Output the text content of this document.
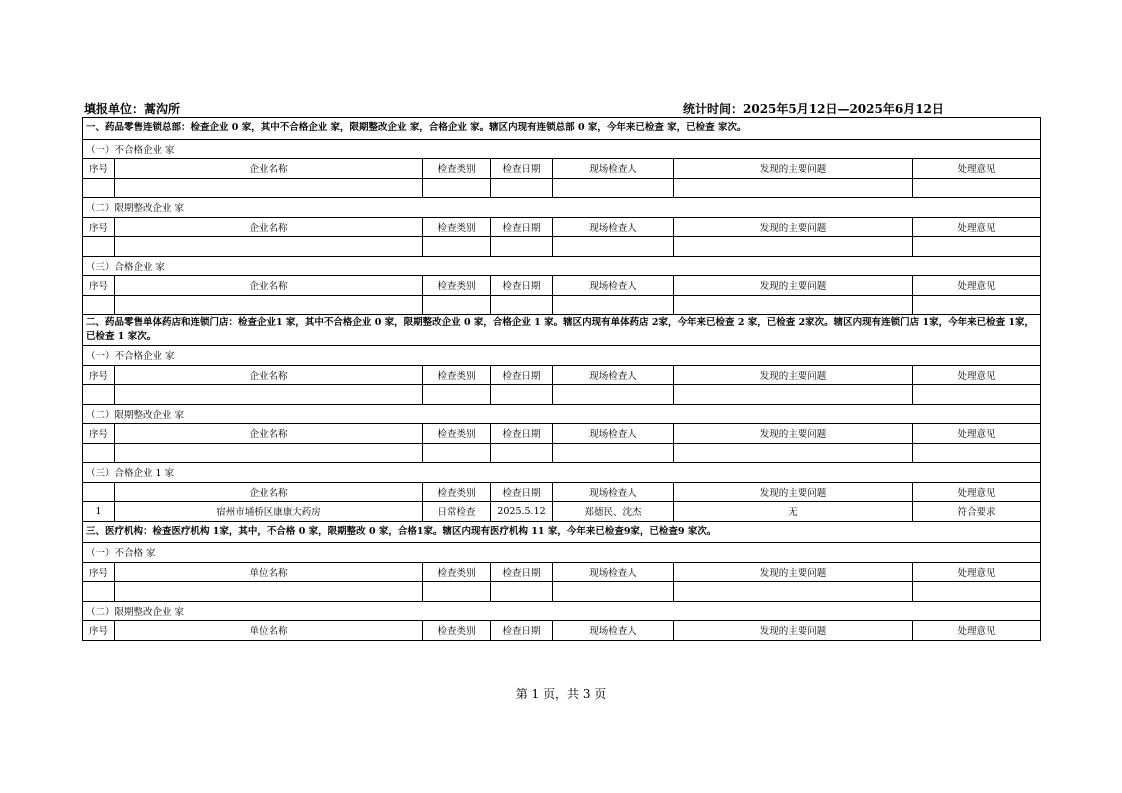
填报单位：蒿沟所	统计时间：2025年5月12日—2025年6月12日
一、药品零售连锁总部：检查企业 0 家，其中不合格企业 家，限期整改企业 家，合格企业 家。辖区内现有连锁总部 0 家，今年来已检查 家，已检查 家次。						
（一）不合格企业 家						
序号	企业名称	检查类别	检查日期	现场检查人	发现的主要问题	处理意见

（二）限期整改企业 家						
序号	企业名称	检查类别	检查日期	现场检查人	发现的主要问题	处理意见

（三）合格企业 家						
序号	企业名称	检查类别	检查日期	现场检查人	发现的主要问题	处理意见

二、药品零售单体药店和连锁门店：检查企业1 家，其中不合格企业 0 家，限期整改企业 0 家，合格企业 1 家。辖区内现有单体药店 2家，今年来已检查 2 家，已检查 2家次。辖区内现有连锁门店 1家，今年来已检查 1家，已检查 1 家次。						
（一）不合格企业 家						
序号	企业名称	检查类别	检查日期	现场检查人	发现的主要问题	处理意见

（二）限期整改企业 家						
序号	企业名称	检查类别	检查日期	现场检查人	发现的主要问题	处理意见

（三）合格企业 1 家						
	企业名称	检查类别	检查日期	现场检查人	发现的主要问题	处理意见
1	宿州市埇桥区康康大药房	日常检查	2025.5.12	郑德民、沈杰	无	符合要求
三、医疗机构：检查医疗机构 1家，其中，不合格 0 家，限期整改 0 家，合格1家。辖区内现有医疗机构 11 家，今年来已检查9家，已检查9 家次。						
（一）不合格 家						
序号	单位名称	检查类别	检查日期	现场检查人	发现的主要问题	处理意见

（二）限期整改企业 家						
序号	单位名称	检查类别	检查日期	现场检查人	发现的主要问题	处理意见
第 1 页，共 3 页
